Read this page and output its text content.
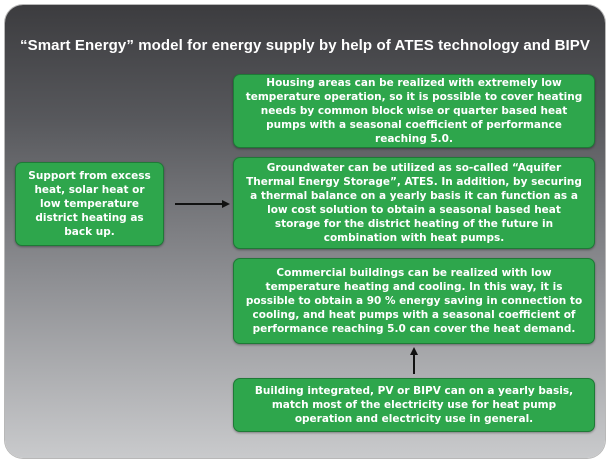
“Smart Energy” model for energy supply by help of ATES technology and BIPV
Housing areas can be realized with extremely low temperature operation, so it is possible to cover heating needs by common block wise or quarter based heat pumps with a seasonal coefficient of performance reaching 5.0.
Groundwater can be utilized as so-called “Aquifer Thermal Energy Storage”, ATES. In addition, by securing a thermal balance on a yearly basis it can function as a low cost solution to obtain a seasonal based heat storage for the district heating of the future in combination with heat pumps.
Commercial buildings can be realized with low temperature heating and cooling. In this way, it is possible to obtain a 90 % energy saving in connection to cooling, and heat pumps with a seasonal coefficient of performance reaching 5.0 can cover the heat demand.
Building integrated, PV or BIPV can on a yearly basis, match most of the electricity use for heat pump operation and electricity use in general.
Support from excess heat, solar heat or low temperature district heating as back up.
